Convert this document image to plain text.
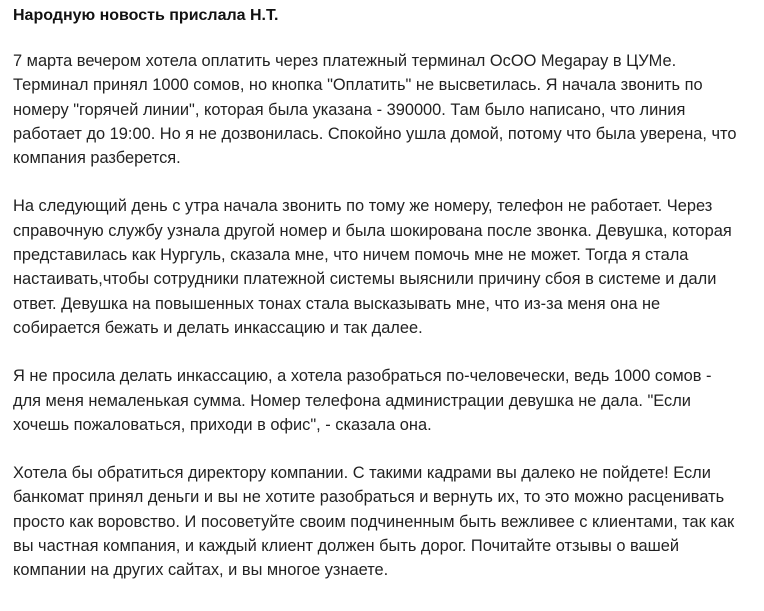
Народную новость прислала Н.Т.

7 марта вечером хотела оплатить через платежный терминал ОсОО Megapay в ЦУМе. Терминал принял 1000 сомов, но кнопка "Оплатить" не высветилась. Я начала звонить по номеру "горячей линии", которая была указана - 390000. Там было написано, что линия работает до 19:00. Но я не дозвонилась. Спокойно ушла домой, потому что была уверена, что компания разберется.

На следующий день с утра начала звонить по тому же номеру, телефон не работает. Через справочную службу узнала другой номер и была шокирована после звонка. Девушка, которая представилась как Нургуль, сказала мне, что ничем помочь мне не может. Тогда я стала настаивать,чтобы сотрудники платежной системы выяснили причину сбоя в системе и дали ответ. Девушка на повышенных тонах стала высказывать мне, что из-за меня она не собирается бежать и делать инкассацию и так далее.

Я не просила делать инкассацию, а хотела разобраться по-человечески, ведь 1000 сомов - для меня немаленькая сумма. Номер телефона администрации девушка не дала. "Если хочешь пожаловаться, приходи в офис", - сказала она.

Хотела бы обратиться директору компании. С такими кадрами вы далеко не пойдете! Если банкомат принял деньги и вы не хотите разобраться и вернуть их, то это можно расценивать просто как воровство. И посоветуйте своим подчиненным быть вежливее с клиентами, так как вы частная компания, и каждый клиент должен быть дорог. Почитайте отзывы о вашей компании на других сайтах, и вы многое узнаете.
